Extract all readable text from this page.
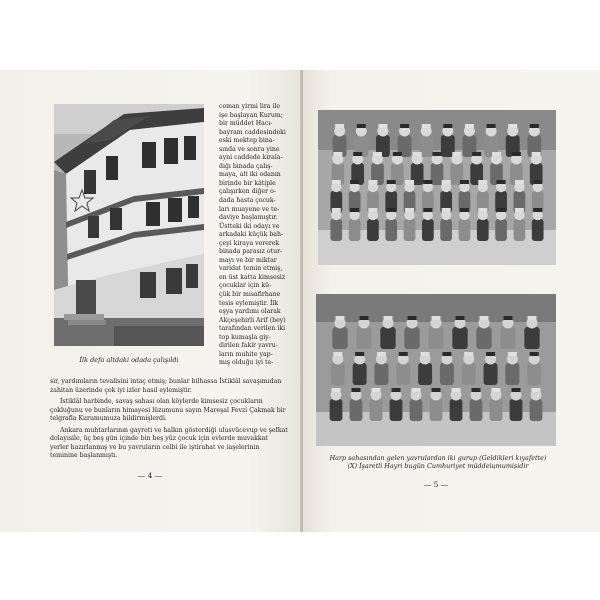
İlk defa altdaki odada çalışıldı

ceman yirmi lira ile

işe başlayan Kurum;

bir müddet Hacı-

bayram caddesindeki

eski mektep bina-

sında ve sonra yine

ayni caddede kirala-

dığı binada çalış-

maya, alt iki odanın

birinde bir kâtiple

çalışırken diğer o-

dada hasta çocuk-

ları muayene ve te-

daviye başlamıştır.

Üstteki iki odayı ve

arkadaki küçük bah-

çeyi kiraya vererek

binada parasız otur-

mayı ve bir miktar

varidat temin etmiş,

en üst katta kimsesiz

çocuklar için kü-

çük bir misafirhane

tesis eylemiştir. İlk

eşya yardımı olarak

Akçeşehirli Arif (bey)

tarafından verilen iki

top kumaşla giy-

dirilen fakir yavru-

ların muhite yap-

mış olduğu iyi te-

sir, yardımların tevalisini intaç etmiş; bunlar bilhassa İstiklâl savaşımıdan

zahitan üzerinde çok iyi izler hasıl eylemiştir.

İstiklâl harbinde, savaş sahası olan köylerde kimsesiz çocukların çokluğunu ve bunların himayesi lüzumunu sayın Mareşal Fevzi Çakmak bir telgrafla Kurumumuza bildirmişlerdi.

Ankara muhtarlarının gayreti ve halkın gösterdiği ulusvücevup ve şefkat dolayısile, üç beş gün içinde bin beş yüz çocuk için evlerde muvakkat yerler hazırlanmış ve bu yavruların celbi ile iştirahat ve iaşelerinin teminine başlanmıştı.

— 4 —
Harp sahasından gelen yavrulardan iki gurup (Geldikleri kıyafette)
(X) İşaretli Hayri bugün Cumhuriyet müddeiumumisidir
— 5 —
